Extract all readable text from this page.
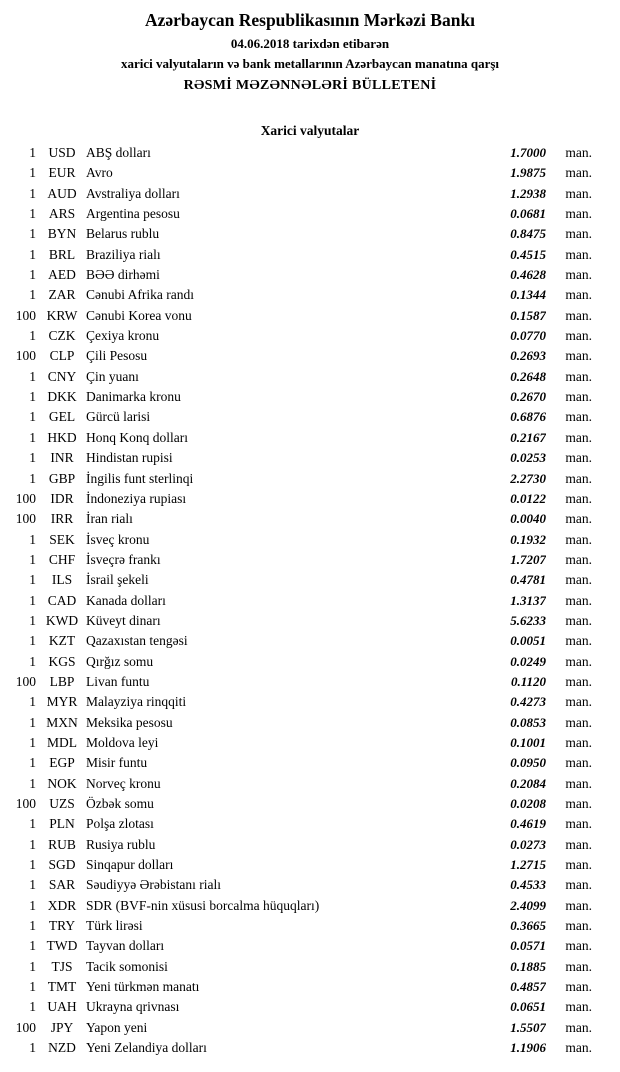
Azərbaycan Respublikasının Mərkəzi Bankı
04.06.2018 tarixdən etibarən
xarici valyutaların və bank metallarının Azərbaycan manatına qarşı
RƏSMİ MƏZƏNNƏLƏRİ BÜLLETENİ
Xarici valyutalar
1 USD ABŞ dolları	1.7000	man.
1 EUR Avro	1.9875	man.
1 AUD Avstraliya dolları	1.2938	man.
1 ARS Argentina pesosu	0.0681	man.
1 BYN Belarus rublu	0.8475	man.
1 BRL Braziliya rialı	0.4515	man.
1 AED BƏƏ dirhəmi	0.4628	man.
1 ZAR Cənubi Afrika randı	0.1344	man.
100 KRW Cənubi Korea vonu	0.1587	man.
1 CZK Çexiya kronu	0.0770	man.
100	CLP Çili Pesosu	0.2693	man.
1 CNY Çin yuanı	0.2648	man.
1 DKK Danimarka kronu	0.2670	man.
1 GEL Gürcü larisi	0.6876	man.
1 HKD Honq Konq dolları	0.2167	man.
1	INR Hindistan rupisi	0.0253	man.
1 GBP İngilis funt sterlinqi	2.2730	man.
100	IDR İndoneziya rupiası	0.0122	man.
100	IRR İran rialı	0.0040	man.
1 SEK İsveç kronu	0.1932	man.
1 CHF İsveçrə frankı	1.7207	man.
1	ILS	İsrail şekeli	0.4781	man.
1 CAD Kanada dolları	1.3137	man.
1 KWD Küveyt dinarı	5.6233	man.
1 KZT Qazaxıstan tengəsi	0.0051	man.
1 KGS Qırğız somu	0.0249	man.
100	LBP Livan funtu	0.1120	man.
1 MYR Malayziya rinqqiti	0.4273	man.
1 MXN Meksika pesosu	0.0853	man.
1 MDL Moldova leyi	0.1001	man.
1 EGP Misir funtu	0.0950	man.
1 NOK Norveç kronu	0.2084	man.
100 UZS Özbək somu	0.0208	man.
1 PLN Polşa zlotası	0.4619	man.
1 RUB Rusiya rublu	0.0273	man.
1 SGD Sinqapur dolları	1.2715	man.
1 SAR Səudiyyə Ərəbistanı rialı	0.4533	man.
1 XDR SDR (BVF-nin xüsusi borcalma hüquqları)	2.4099	man.
1 TRY Türk lirəsi	0.3665	man.
1 TWD Tayvan dolları	0.0571	man.
1	TJS	Tacik somonisi	0.1885	man.
1 TMT Yeni türkmən manatı	0.4857	man.
1 UAH Ukrayna qrivnası	0.0651	man.
100	JPY Yapon yeni	1.5507	man.
1 NZD Yeni Zelandiya dolları	1.1906	man.
